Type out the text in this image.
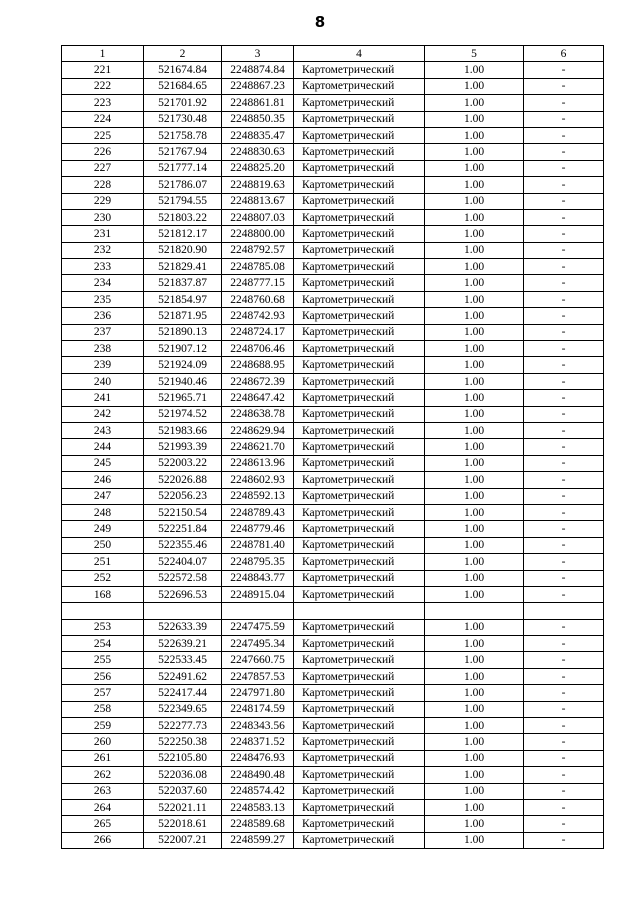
8
1	2	3	4	5	6
221	521674.84	2248874.84	Картометрический	1.00	-
222	521684.65	2248867.23	Картометрический	1.00	-
223	521701.92	2248861.81	Картометрический	1.00	-
224	521730.48	2248850.35	Картометрический	1.00	-
225	521758.78	2248835.47	Картометрический	1.00	-
226	521767.94	2248830.63	Картометрический	1.00	-
227	521777.14	2248825.20	Картометрический	1.00	-
228	521786.07	2248819.63	Картометрический	1.00	-
229	521794.55	2248813.67	Картометрический	1.00	-
230	521803.22	2248807.03	Картометрический	1.00	-
231	521812.17	2248800.00	Картометрический	1.00	-
232	521820.90	2248792.57	Картометрический	1.00	-
233	521829.41	2248785.08	Картометрический	1.00	-
234	521837.87	2248777.15	Картометрический	1.00	-
235	521854.97	2248760.68	Картометрический	1.00	-
236	521871.95	2248742.93	Картометрический	1.00	-
237	521890.13	2248724.17	Картометрический	1.00	-
238	521907.12	2248706.46	Картометрический	1.00	-
239	521924.09	2248688.95	Картометрический	1.00	-
240	521940.46	2248672.39	Картометрический	1.00	-
241	521965.71	2248647.42	Картометрический	1.00	-
242	521974.52	2248638.78	Картометрический	1.00	-
243	521983.66	2248629.94	Картометрический	1.00	-
244	521993.39	2248621.70	Картометрический	1.00	-
245	522003.22	2248613.96	Картометрический	1.00	-
246	522026.88	2248602.93	Картометрический	1.00	-
247	522056.23	2248592.13	Картометрический	1.00	-
248	522150.54	2248789.43	Картометрический	1.00	-
249	522251.84	2248779.46	Картометрический	1.00	-
250	522355.46	2248781.40	Картометрический	1.00	-
251	522404.07	2248795.35	Картометрический	1.00	-
252	522572.58	2248843.77	Картометрический	1.00	-
168	522696.53	2248915.04	Картометрический	1.00	-

253	522633.39	2247475.59	Картометрический	1.00	-
254	522639.21	2247495.34	Картометрический	1.00	-
255	522533.45	2247660.75	Картометрический	1.00	-
256	522491.62	2247857.53	Картометрический	1.00	-
257	522417.44	2247971.80	Картометрический	1.00	-
258	522349.65	2248174.59	Картометрический	1.00	-
259	522277.73	2248343.56	Картометрический	1.00	-
260	522250.38	2248371.52	Картометрический	1.00	-
261	522105.80	2248476.93	Картометрический	1.00	-
262	522036.08	2248490.48	Картометрический	1.00	-
263	522037.60	2248574.42	Картометрический	1.00	-
264	522021.11	2248583.13	Картометрический	1.00	-
265	522018.61	2248589.68	Картометрический	1.00	-
266	522007.21	2248599.27	Картометрический	1.00	-
